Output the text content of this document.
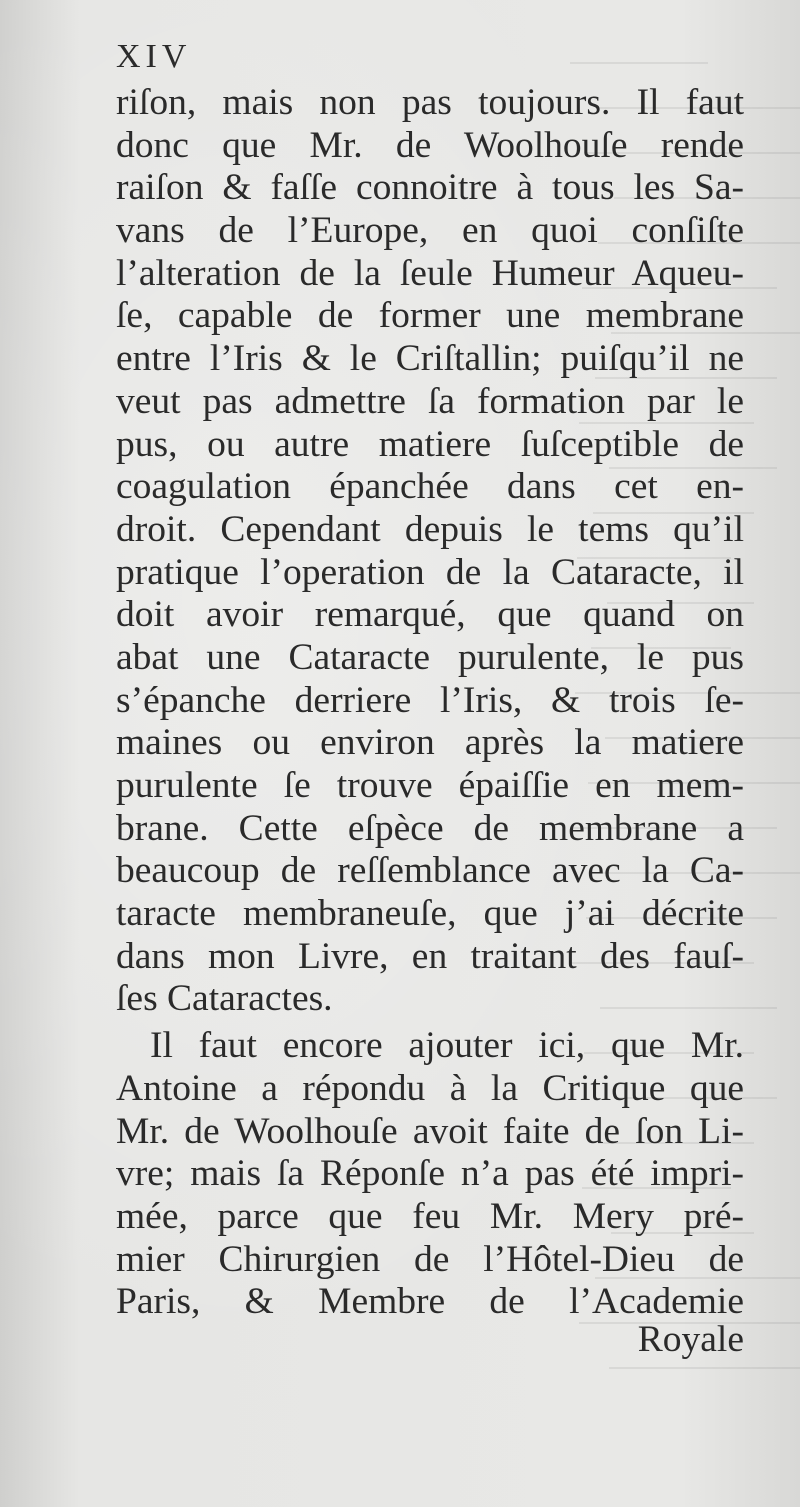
XIV
riſon, mais non pas toujours. Il faut
donc que Mr. de Woolhouſe rende
raiſon & faſſe connoitre à tous les Sa-
vans de l’Europe, en quoi conſiſte
l’alteration de la ſeule Humeur Aqueu-
ſe, capable de former une membrane
entre l’Iris & le Criſtallin; puiſqu’il ne
veut pas admettre ſa formation par le
pus, ou autre matiere ſuſceptible de
coagulation épanchée dans cet en-
droit. Cependant depuis le tems qu’il
pratique l’operation de la Cataracte, il
doit avoir remarqué, que quand on
abat une Cataracte purulente, le pus
s’épanche derriere l’Iris, & trois ſe-
maines ou environ après la matiere
purulente ſe trouve épaiſſie en mem-
brane. Cette eſpèce de membrane a
beaucoup de reſſemblance avec la Ca-
taracte membraneuſe, que j’ai décrite
dans mon Livre, en traitant des fauſ-
ſes Cataractes.
Il faut encore ajouter ici, que Mr.
Antoine a répondu à la Critique que
Mr. de Woolhouſe avoit faite de ſon Li-
vre; mais ſa Réponſe n’a pas été impri-
mée, parce que feu Mr. Mery pré-
mier Chirurgien de l’Hôtel-Dieu de
Paris, & Membre de l’Academie
Royale
